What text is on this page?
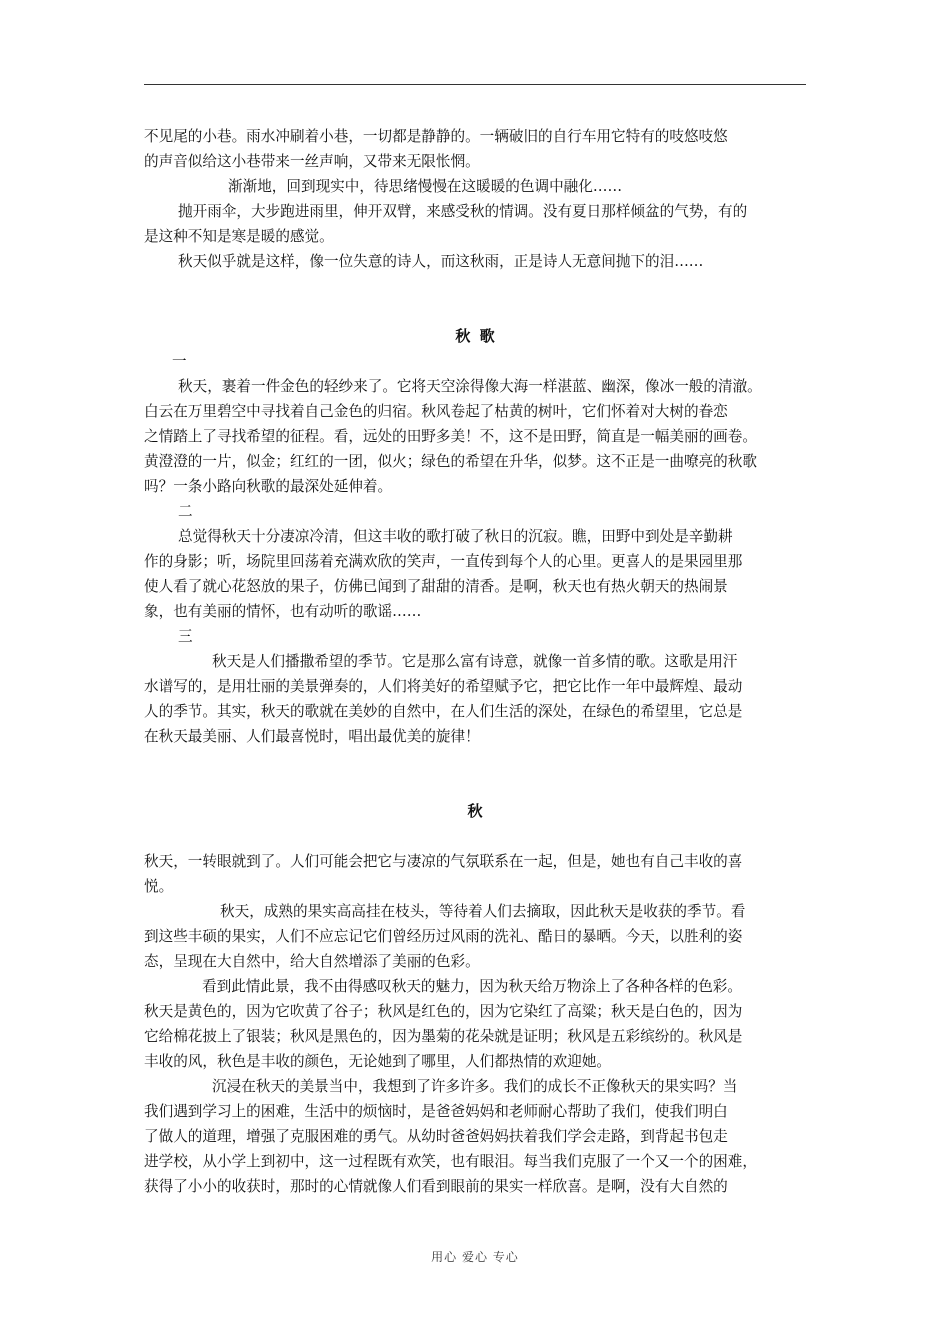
不见尾的小巷。雨水冲刷着小巷，一切都是静静的。一辆破旧的自行车用它特有的吱悠吱悠
的声音似给这小巷带来一丝声响，又带来无限怅惘。
渐渐地，回到现实中，待思绪慢慢在这暖暖的色调中融化……
抛开雨伞，大步跑进雨里，伸开双臂，来感受秋的情调。没有夏日那样倾盆的气势，有的
是这种不知是寒是暖的感觉。
秋天似乎就是这样，像一位失意的诗人，而这秋雨，正是诗人无意间抛下的泪……
秋 歌
一
秋天，裹着一件金色的轻纱来了。它将天空涂得像大海一样湛蓝、幽深，像冰一般的清澈。
白云在万里碧空中寻找着自己金色的归宿。秋风卷起了枯黄的树叶，它们怀着对大树的眷恋
之情踏上了寻找希望的征程。看，远处的田野多美！不，这不是田野，简直是一幅美丽的画卷。
黄澄澄的一片，似金；红红的一团，似火；绿色的希望在升华，似梦。这不正是一曲嘹亮的秋歌
吗？一条小路向秋歌的最深处延伸着。
二
总觉得秋天十分凄凉冷清，但这丰收的歌打破了秋日的沉寂。瞧，田野中到处是辛勤耕
作的身影；听，场院里回荡着充满欢欣的笑声，一直传到每个人的心里。更喜人的是果园里那
使人看了就心花怒放的果子，仿佛已闻到了甜甜的清香。是啊，秋天也有热火朝天的热闹景
象，也有美丽的情怀，也有动听的歌谣……
三
秋天是人们播撒希望的季节。它是那么富有诗意，就像一首多情的歌。这歌是用汗
水谱写的，是用壮丽的美景弹奏的，人们将美好的希望赋予它，把它比作一年中最辉煌、最动
人的季节。其实，秋天的歌就在美妙的自然中，在人们生活的深处，在绿色的希望里，它总是
在秋天最美丽、人们最喜悦时，唱出最优美的旋律！
秋
秋天，一转眼就到了。人们可能会把它与凄凉的气氛联系在一起，但是，她也有自己丰收的喜
悦。
秋天，成熟的果实高高挂在枝头，等待着人们去摘取，因此秋天是收获的季节。看
到这些丰硕的果实，人们不应忘记它们曾经历过风雨的洗礼、酷日的暴晒。今天，以胜利的姿
态，呈现在大自然中，给大自然增添了美丽的色彩。
看到此情此景，我不由得感叹秋天的魅力，因为秋天给万物涂上了各种各样的色彩。
秋天是黄色的，因为它吹黄了谷子；秋风是红色的，因为它染红了高粱；秋天是白色的，因为
它给棉花披上了银装；秋风是黑色的，因为墨菊的花朵就是证明；秋风是五彩缤纷的。秋风是
丰收的风，秋色是丰收的颜色，无论她到了哪里，人们都热情的欢迎她。
沉浸在秋天的美景当中，我想到了许多许多。我们的成长不正像秋天的果实吗？当
我们遇到学习上的困难，生活中的烦恼时，是爸爸妈妈和老师耐心帮助了我们，使我们明白
了做人的道理，增强了克服困难的勇气。从幼时爸爸妈妈扶着我们学会走路，到背起书包走
进学校，从小学上到初中，这一过程既有欢笑，也有眼泪。每当我们克服了一个又一个的困难，
获得了小小的收获时，那时的心情就像人们看到眼前的果实一样欣喜。是啊，没有大自然的
用心 爱心 专心
